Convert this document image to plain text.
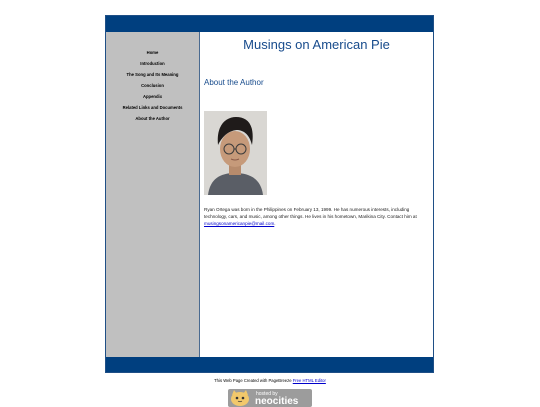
Home
Introduction
The Song and Its Meaning
Conclusion
Appendix
Related Links and Documents
About the Author
Musings on American Pie
About the Author

Ryan Ortega was born in the Philippines on February 13, 1999. He has numerous interests, including technology, cars, and music, among other things. He lives in his hometown, Marikina City. Contact him at musingsonamericanpie@mail.com.

This Web Page Created with PageBreeze Free HTML Editor
hosted by
neocities
